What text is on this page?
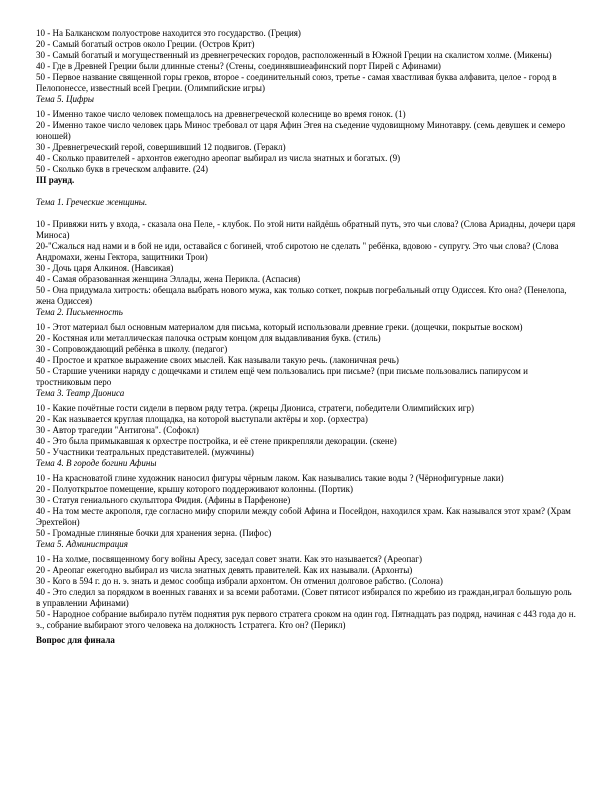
10 - На Балканском полуострове находится это государство. (Греция)
20 - Самый богатый остров около Греции. (Остров Крит)
30 - Самый богатый и могущественный из древнегреческих городов, расположенный в Южной Греции на скалистом холме. (Микены)
40 - Где в Древней Греции были длинные стены? (Стены, соединявшиеафинский порт Пирей с Афинами)
50 - Первое название священной горы греков, второе - соединительный союз, третье - самая хвастливая буква алфавита, целое - город в Пелопонессе, известный всей Греции. (Олимпийские игры)
Тема 5. Цифры
10 - Именно такое число человек помещалось на древнегреческой колеснице во время гонок. (1)
20 - Именно такое число человек царь Минос требовал от царя Афин Эгея на съедение чудовищному Минотавру. (семь девушек и семеро юношей)
30 - Древнегреческий герой, совершивший 12 подвигов. (Геракл)
40 - Сколько правителей - архонтов ежегодно ареопаг выбирал из числа знатных и богатых. (9)
50 - Сколько букв в греческом алфавите. (24)
III раунд.
Тема 1. Греческие женщины.
10 - Привяжи нить у входа, - сказала она Пеле, - клубок. По этой нити найдёшь обратный путь, это чьи слова? (Слова Ариадны, дочери царя Миноса)
20-"Сжалься над нами и в бой не иди, оставайся с богиней, чтоб сиротою не сделать " ребёнка, вдовою - супругу. Это чьи слова? (Слова Андромахи, жены Гектора, защитники Трои)
30 - Дочь царя Алкиноя. (Навсикая)
40 - Самая образованная женщина Эллады, жена Перикла. (Аспасия)
50 - Она придумала хитрость: обещала выбрать нового мужа, как только соткет, покрыв погребальный отцу Одиссея. Кто она? (Пенелопа, жена Одиссея)
Тема 2. Письменность
10 - Этот материал был основным материалом для письма, который использовали древние греки. (дощечки, покрытые воском)
20 - Костяная или металлическая палочка острым концом для выдавливания букв. (стиль)
30 - Сопровождающий ребёнка в школу. (педагог)
40 - Простое и краткое выражение своих мыслей. Как называли такую речь. (лаконичная речь)
50 - Старшие ученики наряду с дощечками и стилем ещё чем пользовались при письме? (при письме пользовались папирусом и тростниковым перо
Тема 3. Театр Диониса
10 - Какие почётные гости сидели в первом ряду тетра. (жрецы Диониса, стратеги, победители Олимпийских игр)
20 - Как называется круглая площадка, на которой выступали актёры и хор. (орхестра)
30 - Автор трагедии "Антигона". (Софокл)
40 - Это была примыкавшая к орхестре постройка, и её стене прикрепляли декорации. (скене)
50 - Участники театральных представителей. (мужчины)
Тема 4. В городе богини Афины
10 - На красноватой глине художник наносил фигуры чёрным лаком. Как назывались такие воды ? (Чёрнофигурные лаки)
20 - Полуоткрытое помещение, крышу которого поддерживают колонны. (Портик)
30 - Статуя гениального скульптора Фидия. (Афины в Парфеноне)
40 - На том месте акрополя, где согласно мифу спорили между собой Афина и Посейдон, находился храм. Как назывался этот храм? (Храм Эрехтейон)
50 - Громадные глиняные бочки для хранения зерна. (Пифос)
Тема 5. Администрация
10 - На холме, посвященному богу войны Аресу, заседал совет знати. Как это называется? (Ареопаг)
20 - Ареопаг ежегодно выбирал из числа знатных девять правителей. Как их называли. (Архонты)
30 - Кого в 594 г. до н. э. знать и демос сообща избрали архонтом. Он отменил долговое рабство. (Солона)
40 - Это следил за порядком в военных гаванях и за всеми работами. (Совет пятисот избирался по жребию из граждан,играл большую роль в управлении Афинами)
50 - Народное собрание выбирало путём поднятия рук первого стратега сроком на один год. Пятнадцать раз подряд, начиная с 443 года до н. э., собрание выбирают этого человека на должность 1стратега. Кто он? (Перикл)
Вопрос для финала
